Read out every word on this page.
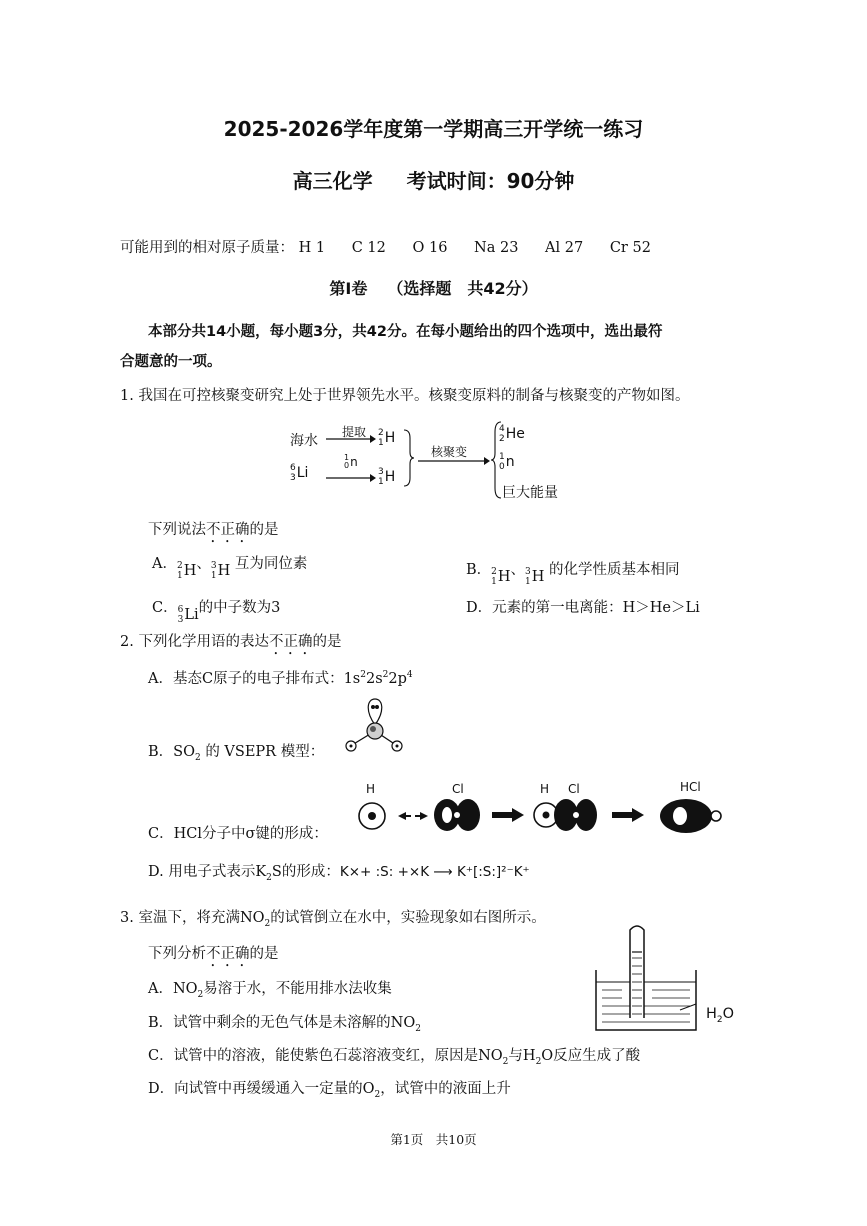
2025-2026学年度第一学期高三开学统一练习
高三化学 考试时间：90分钟
可能用到的相对原子质量： H 1 C 12 O 16 Na 23 Al 27 Cr 52
第Ⅰ卷 （选择题　共42分）
本部分共14小题，每小题3分，共42分。在每小题给出的四个选项中，选出最符
合题意的一项。
1. 我国在可控核聚变研究上处于世界领先水平。核聚变原料的制备与核聚变的产物如图。
海水
提取 2
1 H
6
3 Li
1
0 n
3
1 H
核聚变
4
2 He
1
0 n
巨大能量
下列说法不正确的是
A． 2
1 H 、 3
1 H 互为同位素	B． 2
1 H 、 3
1 H 的化学性质基本相同
C． 6
3 Li 的中子数为3	D．元素的第一电离能：H＞He＞Li
2. 下列化学用语的表达不正确的是
A．基态C原子的电子排布式：$1s^22s^22p^4$
B．$SO_2$ 的 VSEPR 模型：
C．HCl分子中σ键的形成：
H	Cl	H Cl	HCl
D. 用电子式表示$K_2S$的形成：K×+ :S: +×K ⟶ K⁺[:S:]²⁻K⁺
3. 室温下，将充满$NO_2$的试管倒立在水中，实验现象如右图所示。
下列分析不正确的是
$H_2O$
A．$NO_2$易溶于水，不能用排水法收集
B．试管中剩余的无色气体是未溶解的$NO_2$
C．试管中的溶液，能使紫色石蕊溶液变红，原因是$NO_2$与$H_2O$反应生成了酸
D．向试管中再缓缓通入一定量的$O_2$，试管中的液面上升
第1页　共10页
